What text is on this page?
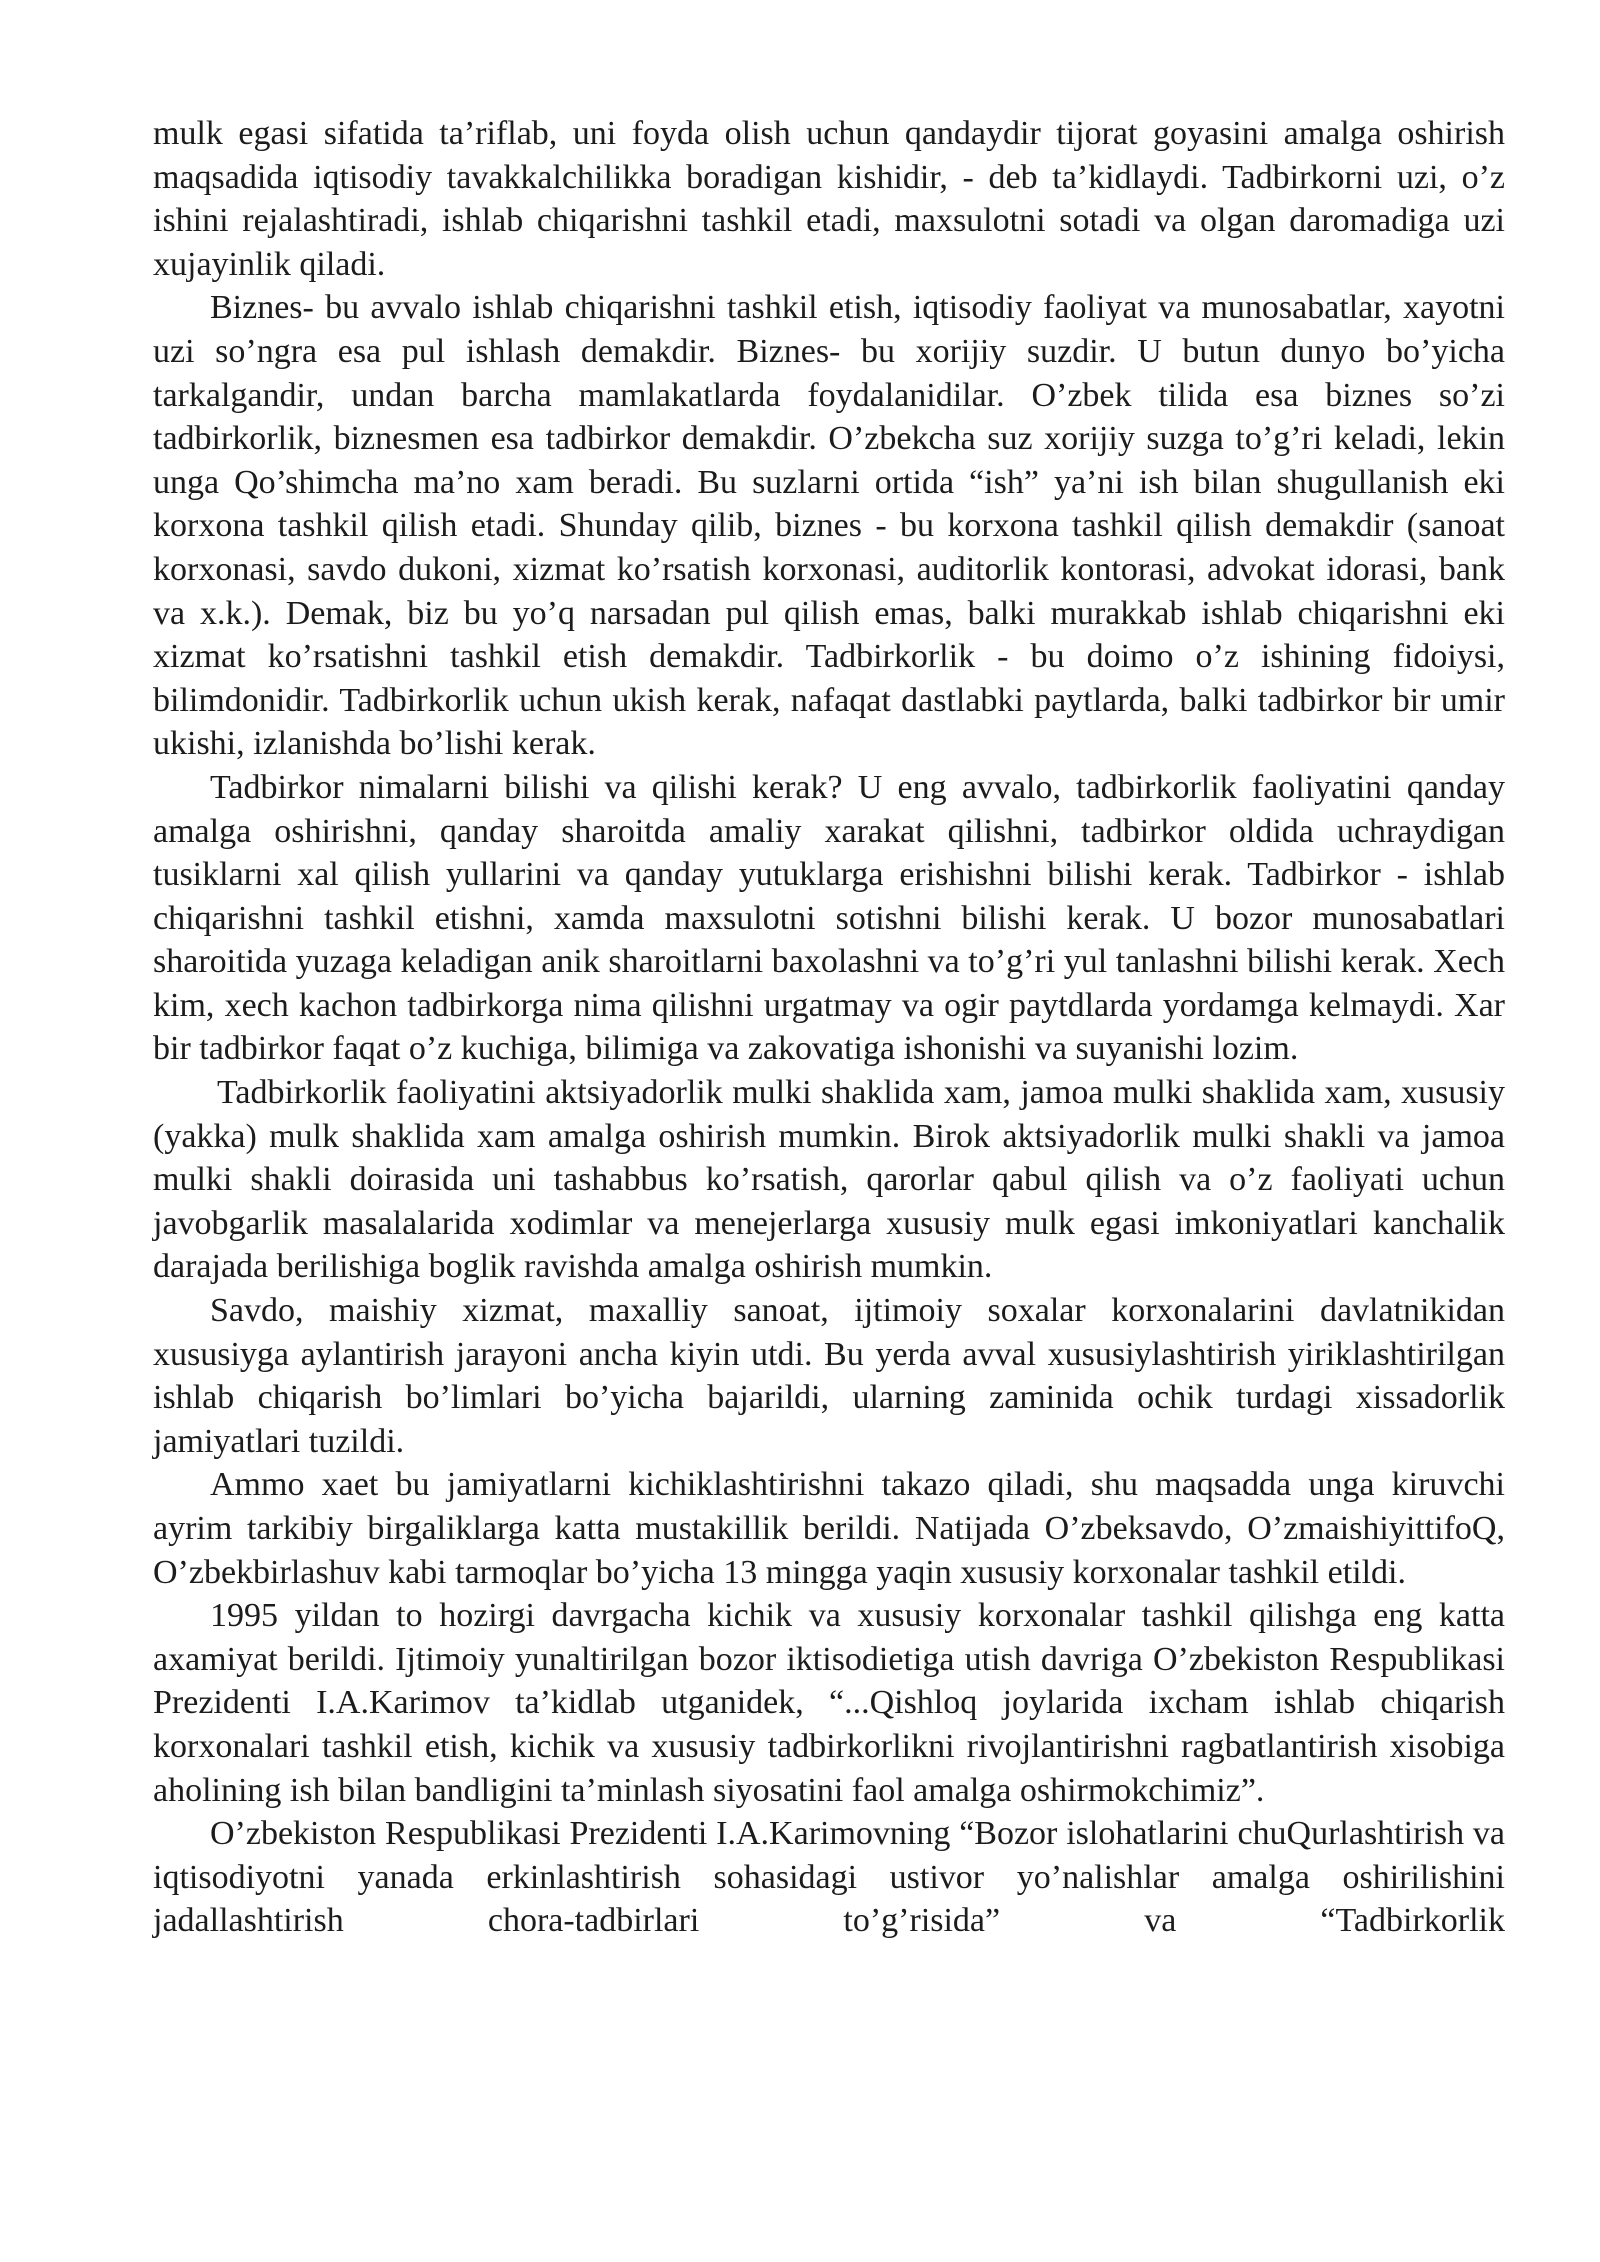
mulk egasi sifatida ta’riflab, uni foyda olish uchun qandaydir tijorat goyasini amalga oshirish maqsadida iqtisodiy tavakkalchilikka boradigan kishidir, - deb ta’kidlaydi. Tadbirkorni uzi, o’z ishini rejalashtiradi, ishlab chiqarishni tashkil etadi, maxsulotni sotadi va olgan daromadiga uzi xujayinlik qiladi.

Biznes- bu avvalo ishlab chiqarishni tashkil etish, iqtisodiy faoliyat va munosabatlar, xayotni uzi so’ngra esa pul ishlash demakdir. Biznes- bu xorijiy suzdir. U butun dunyo bo’yicha tarkalgandir, undan barcha mamlakatlarda foydalanidilar. O’zbek tilida esa biznes so’zi tadbirkorlik, biznesmen esa tadbirkor demakdir. O’zbekcha suz xorijiy suzga to’g’ri keladi, lekin unga Qo’shimcha ma’no xam beradi. Bu suzlarni ortida “ish” ya’ni ish bilan shugullanish eki korxona tashkil qilish etadi. Shunday qilib, biznes - bu korxona tashkil qilish demakdir (sanoat korxonasi, savdo dukoni, xizmat ko’rsatish korxonasi, auditorlik kontorasi, advokat idorasi, bank va x.k.). Demak, biz bu yo’q narsadan pul qilish emas, balki murakkab ishlab chiqarishni eki xizmat ko’rsatishni tashkil etish demakdir. Tadbirkorlik - bu doimo o’z ishining fidoiysi, bilimdonidir. Tadbirkorlik uchun ukish kerak, nafaqat dastlabki paytlarda, balki tadbirkor bir umir ukishi, izlanishda bo’lishi kerak.

Tadbirkor nimalarni bilishi va qilishi kerak? U eng avvalo, tadbirkorlik faoliyatini qanday amalga oshirishni, qanday sharoitda amaliy xarakat qilishni, tadbirkor oldida uchraydigan tusiklarni xal qilish yullarini va qanday yutuklarga erishishni bilishi kerak. Tadbirkor - ishlab chiqarishni tashkil etishni, xamda maxsulotni sotishni bilishi kerak. U bozor munosabatlari sharoitida yuzaga keladigan anik sharoitlarni baxolashni va to’g’ri yul tanlashni bilishi kerak. Xech kim, xech kachon tadbirkorga nima qilishni urgatmay va ogir paytdlarda yordamga kelmaydi. Xar bir tadbirkor faqat o’z kuchiga, bilimiga va zakovatiga ishonishi va suyanishi lozim.

Tadbirkorlik faoliyatini aktsiyadorlik mulki shaklida xam, jamoa mulki shaklida xam, xususiy (yakka) mulk shaklida xam amalga oshirish mumkin. Birok aktsiyadorlik mulki shakli va jamoa mulki shakli doirasida uni tashabbus ko’rsatish, qarorlar qabul qilish va o’z faoliyati uchun javobgarlik masalalarida xodimlar va menejerlarga xususiy mulk egasi imkoniyatlari kanchalik darajada berilishiga boglik ravishda amalga oshirish mumkin.

Savdo, maishiy xizmat, maxalliy sanoat, ijtimoiy soxalar korxonalarini davlatnikidan xususiyga aylantirish jarayoni ancha kiyin utdi. Bu yerda avval xususiylashtirish yiriklashtirilgan ishlab chiqarish bo’limlari bo’yicha bajarildi, ularning zaminida ochik turdagi xissadorlik jamiyatlari tuzildi.

Ammo xaet bu jamiyatlarni kichiklashtirishni takazo qiladi, shu maqsadda unga kiruvchi ayrim tarkibiy birgaliklarga katta mustakillik berildi. Natijada O’zbeksavdo, O’zmaishiyittifoQ, O’zbekbirlashuv kabi tarmoqlar bo’yicha 13 mingga yaqin xususiy korxonalar tashkil etildi.

1995 yildan to hozirgi davrgacha kichik va xususiy korxonalar tashkil qilishga eng katta axamiyat berildi. Ijtimoiy yunaltirilgan bozor iktisodietiga utish davriga O’zbekiston Respublikasi Prezidenti I.A.Karimov ta’kidlab utganidek, “...Qishloq joylarida ixcham ishlab chiqarish korxonalari tashkil etish, kichik va xususiy tadbirkorlikni rivojlantirishni ragbatlantirish xisobiga aholining ish bilan bandligini ta’minlash siyosatini faol amalga oshirmokchimiz”.

O’zbekiston Respublikasi Prezidenti I.A.Karimovning “Bozor islohatlarini chuQurlashtirish va iqtisodiyotni yanada erkinlashtirish sohasidagi ustivor yo’nalishlar amalga oshirilishini jadallashtirish chora-tadbirlari to’g’risida” va “Tadbirkorlik
